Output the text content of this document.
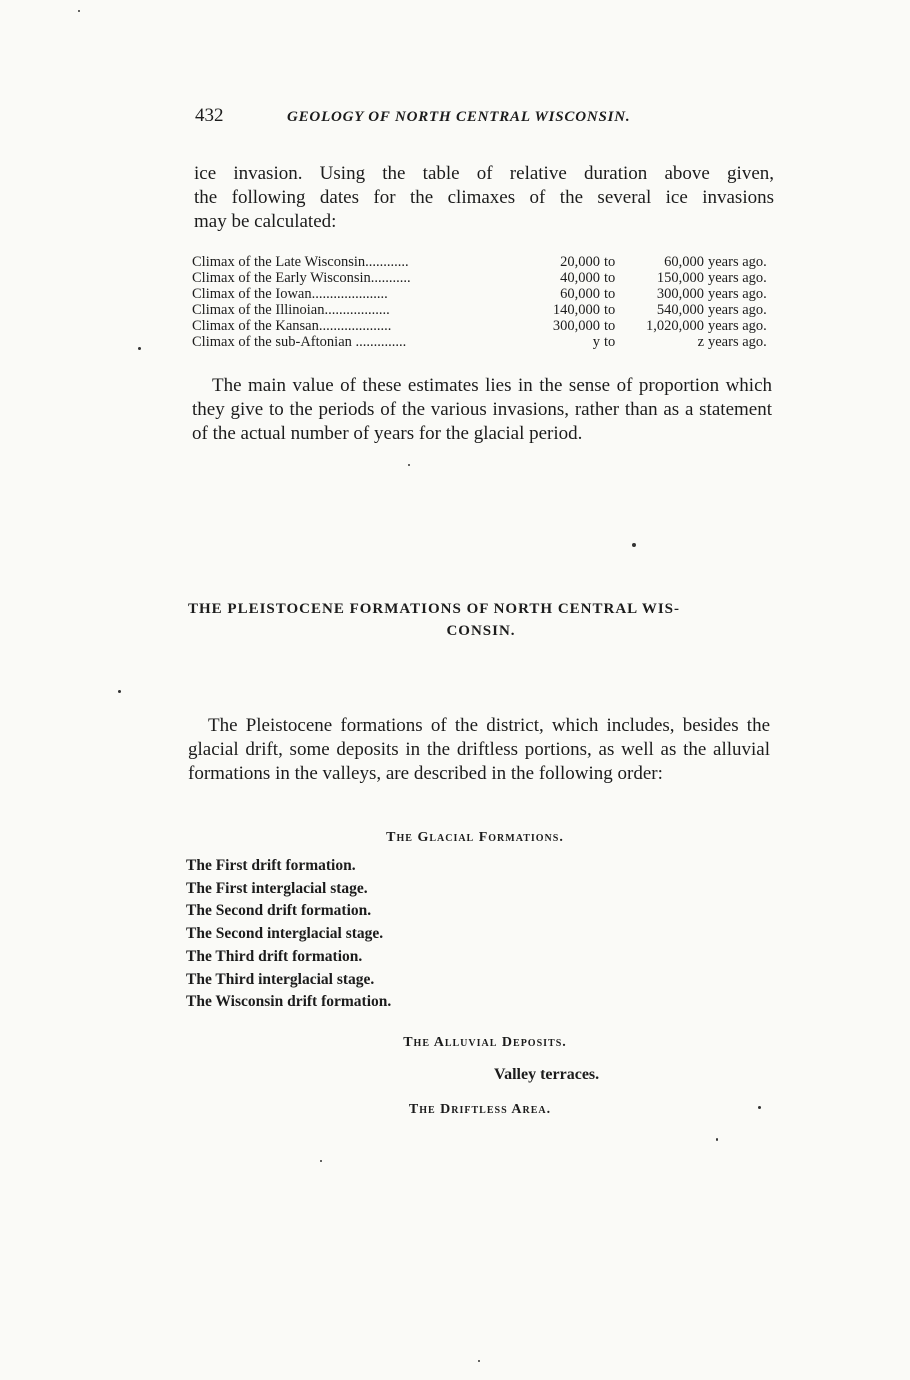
432	GEOLOGY OF NORTH CENTRAL WISCONSIN.

ice invasion. Using the table of relative duration above given,
the following dates for the climaxes of the several ice invasions
may be calculated:

Climax of the Late Wisconsin............	20,000	to	60,000	years ago.
Climax of the Early Wisconsin...........	40,000	to	150,000	years ago.
Climax of the Iowan.....................	60,000	to	300,000	years ago.
Climax of the Illinoian..................	140,000	to	540,000	years ago.
Climax of the Kansan....................	300,000	to	1,020,000	years ago.
Climax of the sub-Aftonian ..............	y	to	z	years ago.

The main value of these estimates lies in the sense of proportion which they give to the periods of the various invasions, rather than as a statement of the actual number of years for the glacial period.

THE PLEISTOCENE FORMATIONS OF NORTH CENTRAL WIS-
CONSIN.

The Pleistocene formations of the district, which includes, besides the glacial drift, some deposits in the driftless portions, as well as the alluvial formations in the valleys, are described in the following order:

The Glacial Formations.
The First drift formation.
The First interglacial stage.
The Second drift formation.
The Second interglacial stage.
The Third drift formation.
The Third interglacial stage.
The Wisconsin drift formation.
The Alluvial Deposits.
Valley terraces.
The Driftless Area.
